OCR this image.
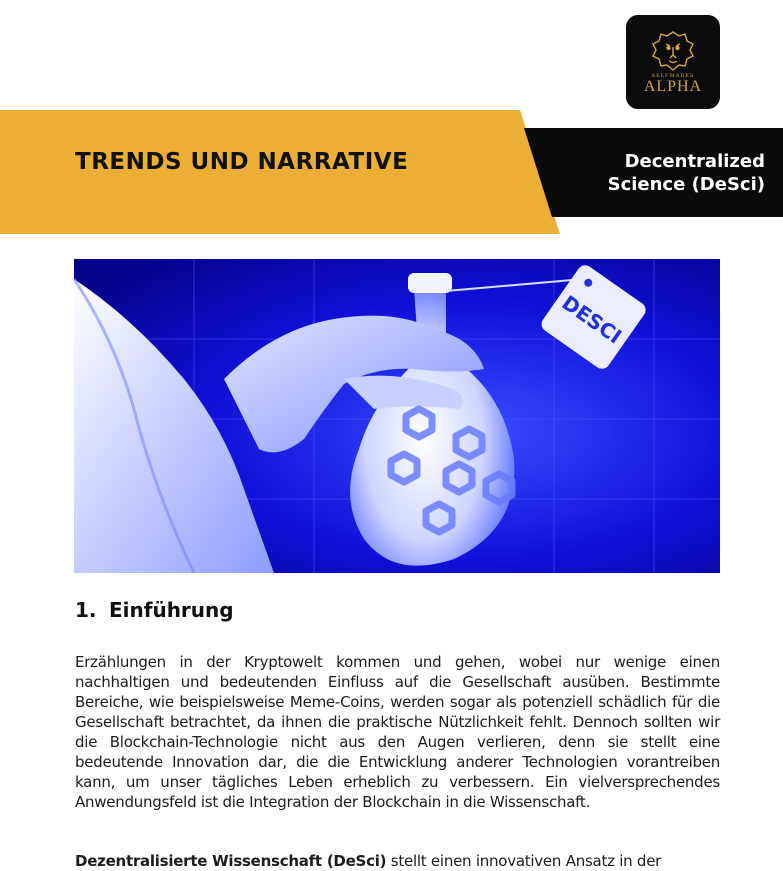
SELFMADES
ALPHA
TRENDS UND NARRATIVE	Decentralized
Science (DeSci)
DESCI
1. Einführung

Erzählungen in der Kryptowelt kommen und gehen, wobei nur wenige einen nachhaltigen und bedeutenden Einfluss auf die Gesellschaft ausüben. Bestimmte Bereiche, wie beispielsweise Meme-Coins, werden sogar als potenziell schädlich für die Gesellschaft betrachtet, da ihnen die praktische Nützlichkeit fehlt. Dennoch sollten wir die Blockchain-Technologie nicht aus den Augen verlieren, denn sie stellt eine bedeutende Innovation dar, die die Entwicklung anderer Technologien vorantreiben kann, um unser tägliches Leben erheblich zu verbessern. Ein vielversprechendes Anwendungsfeld ist die Integration der Blockchain in die Wissenschaft.

Dezentralisierte Wissenschaft (DeSci) stellt einen innovativen Ansatz in der
